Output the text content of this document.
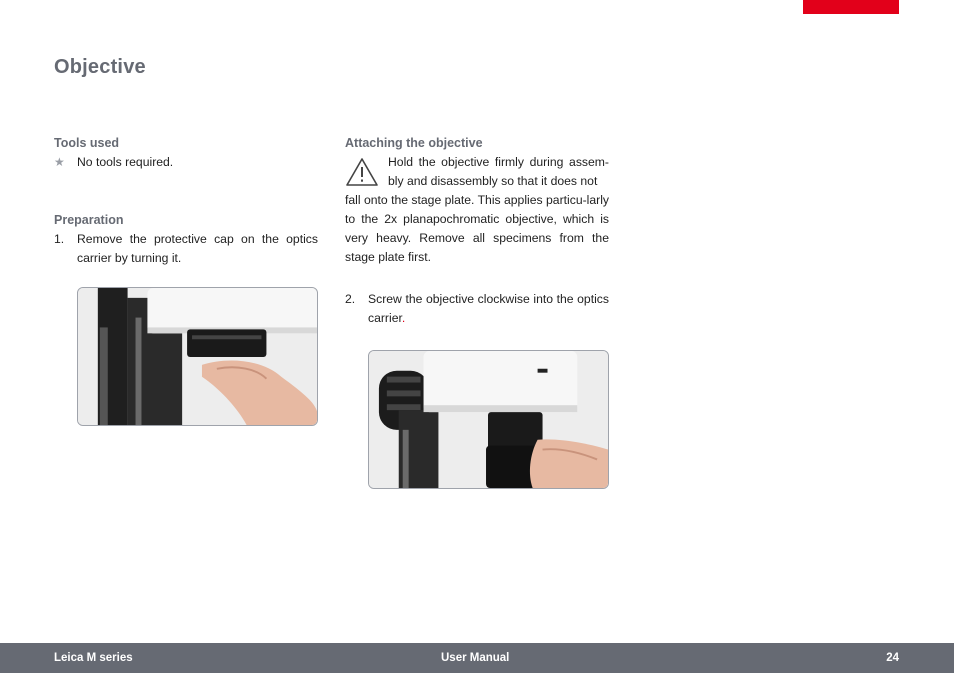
Objective
Tools used
★	No tools required.
Preparation
1.	Remove the protective cap on the optics carrier by turning it.
Attaching the objective
Hold the objective firmly during assem-bly and disassembly so that it does not
fall onto the stage plate. This applies particu-larly to the 2x planapochromatic objective, which is very heavy. Remove all specimens from the stage plate first.
2.	Screw the objective clockwise into the optics carrier.
Leica M series	User Manual	24
